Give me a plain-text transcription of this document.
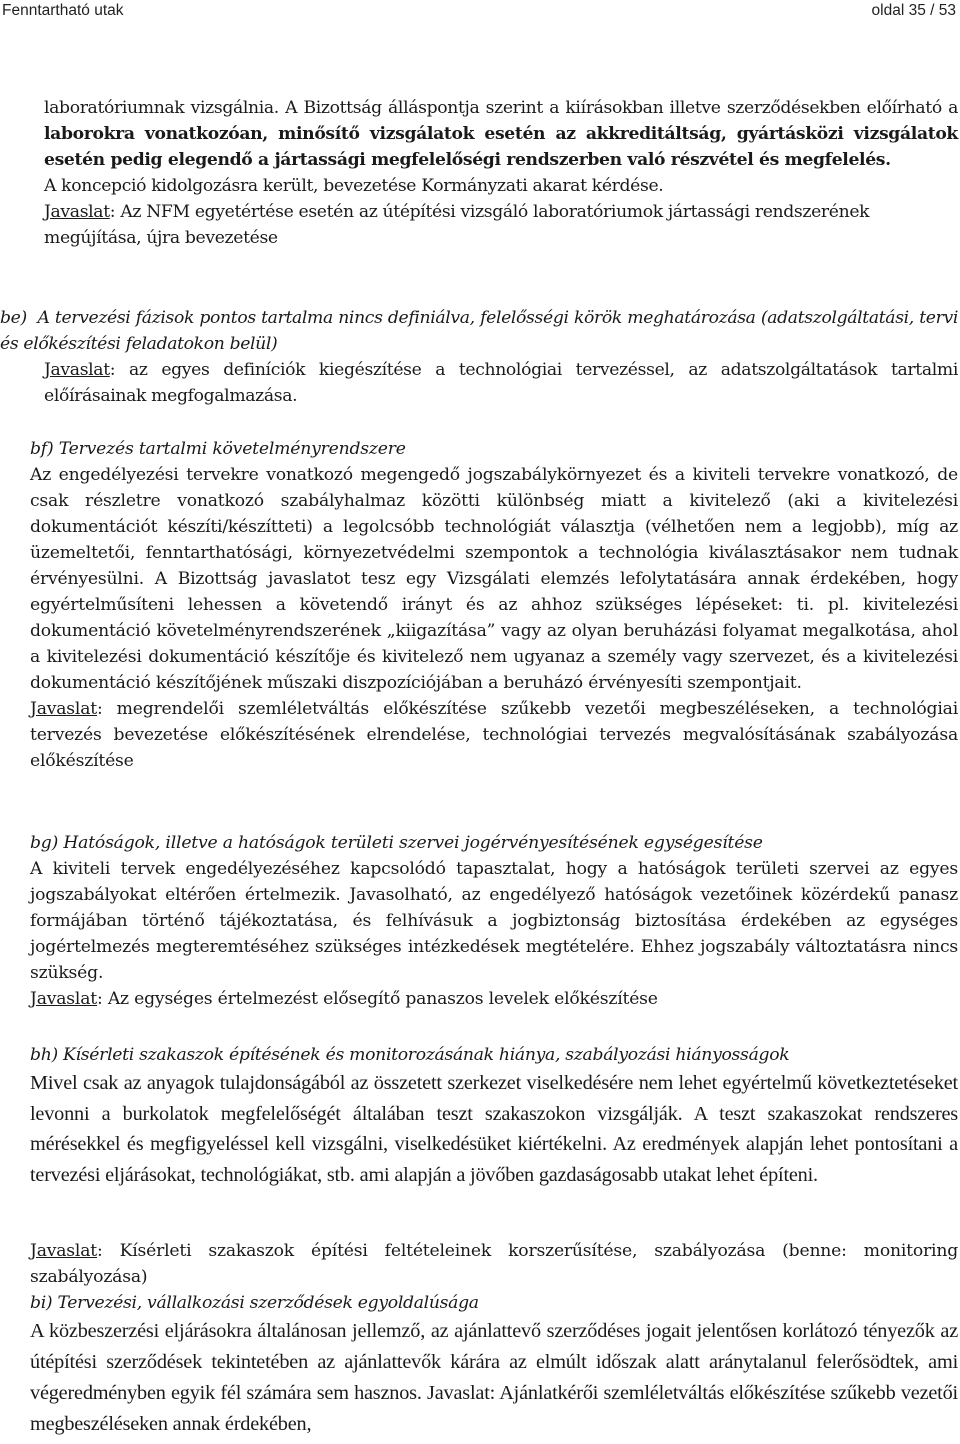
Fenntartható utak	oldal 35 / 53

laboratóriumnak vizsgálnia. A Bizottság álláspontja szerint a kiírásokban illetve szerződésekben előírható a laborokra vonatkozóan, minősítő vizsgálatok esetén az akkreditáltság, gyártásközi vizsgálatok esetén pedig elegendő a jártassági megfelelőségi rendszerben való részvétel és megfelelés.

A koncepció kidolgozásra került, bevezetése Kormányzati akarat kérdése.

Javaslat: Az NFM egyetértése esetén az útépítési vizsgáló laboratóriumok jártassági rendszerének megújítása, újra bevezetése

be) A tervezési fázisok pontos tartalma nincs definiálva, felelősségi körök meghatározása (adatszolgáltatási, tervi és előkészítési feladatokon belül)

Javaslat: az egyes definíciók kiegészítése a technológiai tervezéssel, az adatszolgáltatások tartalmi előírásainak megfogalmazása.

bf) Tervezés tartalmi követelményrendszere

Az engedélyezési tervekre vonatkozó megengedő jogszabálykörnyezet és a kiviteli tervekre vonatkozó, de csak részletre vonatkozó szabályhalmaz közötti különbség miatt a kivitelező (aki a kivitelezési dokumentációt készíti/készítteti) a legolcsóbb technológiát választja (vélhetően nem a legjobb), míg az üzemeltetői, fenntarthatósági, környezetvédelmi szempontok a technológia kiválasztásakor nem tudnak érvényesülni. A Bizottság javaslatot tesz egy Vizsgálati elemzés lefolytatására annak érdekében, hogy egyértelműsíteni lehessen a követendő irányt és az ahhoz szükséges lépéseket: ti. pl. kivitelezési dokumentáció követelményrendszerének „kiigazítása” vagy az olyan beruházási folyamat megalkotása, ahol a kivitelezési dokumentáció készítője és kivitelező nem ugyanaz a személy vagy szervezet, és a kivitelezési dokumentáció készítőjének műszaki diszpozíciójában a beruházó érvényesíti szempontjait.

Javaslat: megrendelői szemléletváltás előkészítése szűkebb vezetői megbeszéléseken, a technológiai tervezés bevezetése előkészítésének elrendelése, technológiai tervezés megvalósításának szabályozása előkészítése

bg) Hatóságok, illetve a hatóságok területi szervei jogérvényesítésének egységesítése

A kiviteli tervek engedélyezéséhez kapcsolódó tapasztalat, hogy a hatóságok területi szervei az egyes jogszabályokat eltérően értelmezik. Javasolható, az engedélyező hatóságok vezetőinek közérdekű panasz formájában történő tájékoztatása, és felhívásuk a jogbiztonság biztosítása érdekében az egységes jogértelmezés megteremtéséhez szükséges intézkedések megtételére. Ehhez jogszabály változtatásra nincs szükség.

Javaslat: Az egységes értelmezést elősegítő panaszos levelek előkészítése

bh) Kísérleti szakaszok építésének és monitorozásának hiánya, szabályozási hiányosságok

Mivel csak az anyagok tulajdonságából az összetett szerkezet viselkedésére nem lehet egyértelmű következtetéseket levonni a burkolatok megfelelőségét általában teszt szakaszokon vizsgálják. A teszt szakaszokat rendszeres mérésekkel és megfigyeléssel kell vizsgálni, viselkedésüket kiértékelni. Az eredmények alapján lehet pontosítani a tervezési eljárásokat, technológiákat, stb. ami alapján a jövőben gazdaságosabb utakat lehet építeni.

Javaslat: Kísérleti szakaszok építési feltételeinek korszerűsítése, szabályozása (benne: monitoring szabályozása)

bi) Tervezési, vállalkozási szerződések egyoldalúsága

A közbeszerzési eljárásokra általánosan jellemző, az ajánlattevő szerződéses jogait jelentősen korlátozó tényezők az útépítési szerződések tekintetében az ajánlattevők kárára az elmúlt időszak alatt aránytalanul felerősödtek, ami végeredményben egyik fél számára sem hasznos. Javaslat: Ajánlatkérői szemléletváltás előkészítése szűkebb vezetői megbeszéléseken annak érdekében,
